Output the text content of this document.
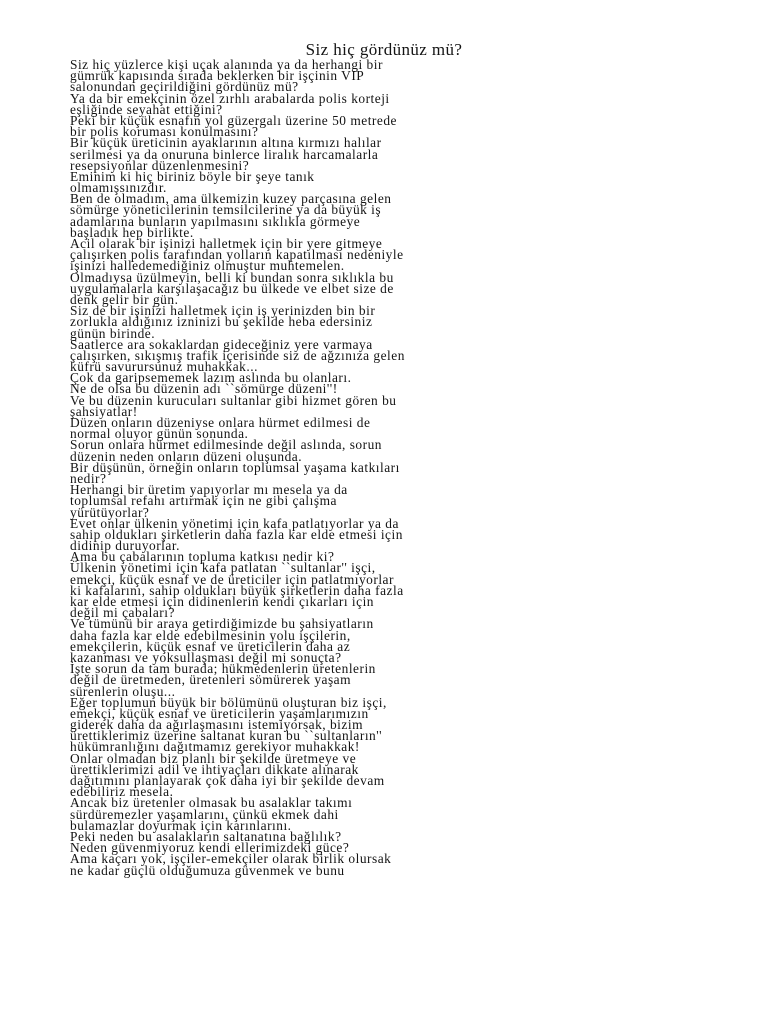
Siz hiç gördünüz mü?
Siz hiç yüzlerce kişi uçak alanında ya da herhangi bir
gümrük kapısında sırada beklerken bir işçinin VIP
salonundan geçirildiğini gördünüz mü?
Ya da bir emekçinin özel zırhlı arabalarda polis korteji
eşliğinde seyahat ettiğini?
Peki bir küçük esnafın yol güzergalı üzerine 50 metrede
bir polis koruması konulmasını?
Bir küçük üreticinin ayaklarının altına kırmızı halılar
serilmesi ya da onuruna binlerce liralık harcamalarla
resepsiyonlar düzenlenmesini?
Eminim ki hiç biriniz böyle bir şeye tanık
olmamışsınızdır.
Ben de olmadım, ama ülkemizin kuzey parçasına gelen
sömürge yöneticilerinin temsilcilerine ya da büyük iş
adamlarına bunların yapılmasını sıklıkla görmeye
başladık hep birlikte.
Acil olarak bir işinizi halletmek için bir yere gitmeye
çalışırken polis tarafından yolların kapatılması nedeniyle
işinizi halledemediğiniz olmuştur muhtemelen.
Olmadıysa üzülmeyin, belli ki bundan sonra sıklıkla bu
uygulamalarla karşılaşacağız bu ülkede ve elbet size de
denk gelir bir gün.
Siz de bir işinizi halletmek için iş yerinizden bin bir
zorlukla aldığınız izninizi bu şekilde heba edersiniz
günün birinde.
Saatlerce ara sokaklardan gideceğiniz yere varmaya
çalışırken, sıkışmış trafik içerisinde siz de ağzınıza gelen
küfrü savurursunuz muhakkak...
Çok da garipsememek lazım aslında bu olanları.
Ne de olsa bu düzenin adı ``sömürge düzeni''!
Ve bu düzenin kurucuları sultanlar gibi hizmet gören bu
şahsiyatlar!
Düzen onların düzeniyse onlara hürmet edilmesi de
normal oluyor günün sonunda.
Sorun onlara hürmet edilmesinde değil aslında, sorun
düzenin neden onların düzeni oluşunda.
Bir düşünün, örneğin onların toplumsal yaşama katkıları
nedir?
Herhangi bir üretim yapıyorlar mı mesela ya da
toplumsal refahı artırmak için ne gibi çalışma
yürütüyorlar?
Evet onlar ülkenin yönetimi için kafa patlatıyorlar ya da
sahip oldukları şirketlerin daha fazla kar elde etmesi için
didinip duruyorlar.
Ama bu çabalarının topluma katkısı nedir ki?
Ülkenin yönetimi için kafa patlatan ``sultanlar'' işçi,
emekçi, küçük esnaf ve de üreticiler için patlatmıyorlar
ki kafalarını, sahip oldukları büyük şirketlerin daha fazla
kar elde etmesi için didinenlerin kendi çıkarları için
değil mi çabaları?
Ve tümünü bir araya getirdiğimizde bu şahsiyatların
daha fazla kar elde edebilmesinin yolu işçilerin,
emekçilerin, küçük esnaf ve üreticilerin daha az
kazanması ve yoksullaşması değil mi sonuçta?
İşte sorun da tam burada; hükmedenlerin üretenlerin
değil de üretmeden, üretenleri sömürerek yaşam
sürenlerin oluşu...
Eğer toplumun büyük bir bölümünü oluşturan biz işçi,
emekçi, küçük esnaf ve üreticilerin yaşamlarımızın
giderek daha da ağırlaşmasını istemiyorsak, bizim
ürettiklerimiz üzerine saltanat kuran bu ``sultanların''
hükümranlığını dağıtmamız gerekiyor muhakkak!
Onlar olmadan biz planlı bir şekilde üretmeye ve
ürettiklerimizi adil ve ihtiyaçları dikkate alınarak
dağıtımını planlayarak çok daha iyi bir şekilde devam
edebiliriz mesela.
Ancak biz üretenler olmasak bu asalaklar takımı
sürdüremezler yaşamlarını, çünkü ekmek dahi
bulamazlar doyurmak için karınlarını.
Peki neden bu asalakların saltanatına bağlılık?
Neden güvenmiyoruz kendi ellerimizdeki güce?
Ama kaçarı yok, işçiler-emekçiler olarak birlik olursak
ne kadar güçlü olduğumuza güvenmek ve bunu
